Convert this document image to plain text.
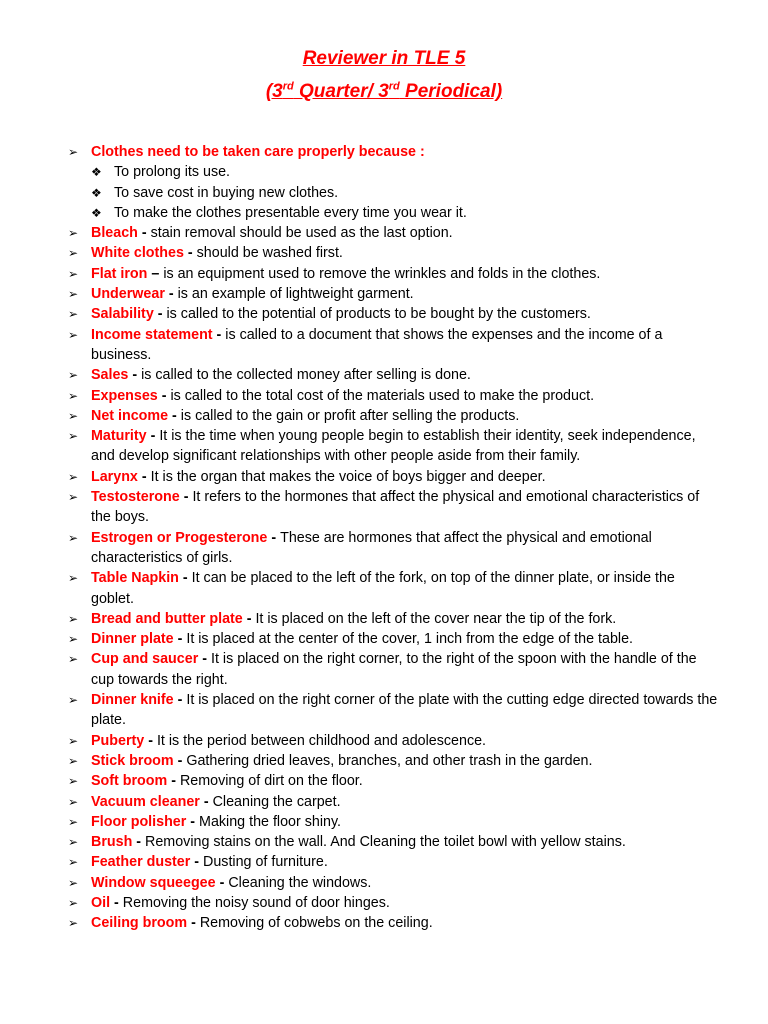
Reviewer in TLE 5
(3rd Quarter/ 3rd Periodical)
➢ Clothes need to be taken care properly because :
❖ To prolong its use.
❖ To save cost in buying new clothes.
❖ To make the clothes presentable every time you wear it.
➢ Bleach - stain removal should be used as the last option.
➢ White clothes - should be washed first.
➢ Flat iron – is an equipment used to remove the wrinkles and folds in the clothes.
➢ Underwear - is an example of lightweight garment.
➢ Salability - is called to the potential of products to be bought by the customers.
➢ Income statement - is called to a document that shows the expenses and the income of a business.
➢ Sales - is called to the collected money after selling is done.
➢ Expenses - is called to the total cost of the materials used to make the product.
➢ Net income - is called to the gain or profit after selling the products.
➢ Maturity - It is the time when young people begin to establish their identity, seek independence, and develop significant relationships with other people aside from their family.
➢ Larynx - It is the organ that makes the voice of boys bigger and deeper.
➢ Testosterone - It refers to the hormones that affect the physical and emotional characteristics of the boys.
➢ Estrogen or Progesterone - These are hormones that affect the physical and emotional characteristics of girls.
➢ Table Napkin - It can be placed to the left of the fork, on top of the dinner plate, or inside the goblet.
➢ Bread and butter plate - It is placed on the left of the cover near the tip of the fork.
➢ Dinner plate - It is placed at the center of the cover, 1 inch from the edge of the table.
➢ Cup and saucer - It is placed on the right corner, to the right of the spoon with the handle of the cup towards the right.
➢ Dinner knife - It is placed on the right corner of the plate with the cutting edge directed towards the plate.
➢ Puberty - It is the period between childhood and adolescence.
➢ Stick broom - Gathering dried leaves, branches, and other trash in the garden.
➢ Soft broom - Removing of dirt on the floor.
➢ Vacuum cleaner - Cleaning the carpet.
➢ Floor polisher - Making the floor shiny.
➢ Brush - Removing stains on the wall. And Cleaning the toilet bowl with yellow stains.
➢ Feather duster - Dusting of furniture.
➢ Window squeegee - Cleaning the windows.
➢ Oil - Removing the noisy sound of door hinges.
➢ Ceiling broom - Removing of cobwebs on the ceiling.
